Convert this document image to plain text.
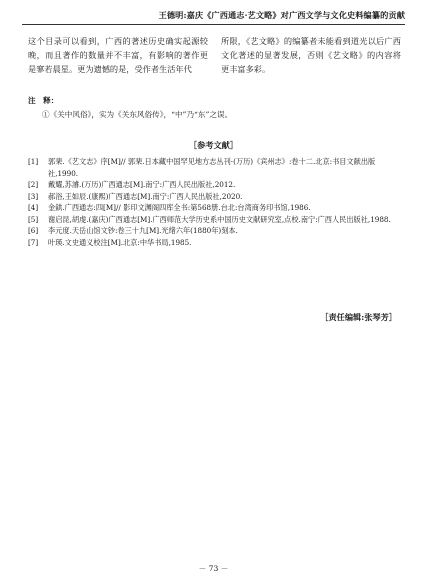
王德明:嘉庆《广西通志·艺文略》对广西文学与文化史料编纂的贡献

这个目录可以看到，广西的著述历史确实起源较晚，而且著作的数量并不丰富，有影响的著作更是寥若晨星。更为遗憾的是，受作者生活年代

所限，《艺文略》的编纂者未能看到道光以后广西文化著述的显著发展，否则《艺文略》的内容将更丰富多彩。

注　释：
①《关中风俗》，实为《关东风俗传》，“中”乃“东”之误。
［参考文献］
[1] 郭棐.《艺文志》序[M]// 郭棐.日本藏中国罕见地方志丛刊·(万历)《宾州志》:卷十二.北京:书目文献出版社,1990.
[2] 戴耀,苏濬.(万历)广西通志[M].南宁:广西人民出版社,2012.
[3] 郝浴,王如辰.(康熙)广西通志[M].南宁:广西人民出版社,2020.
[4] 金鉷.广西通志:四[M]// 影印文渊阁四库全书:第568册.台北:台湾商务印书馆,1986.
[5] 谢启昆,胡虔.(嘉庆)广西通志[M].广西师范大学历史系中国历史文献研究室,点校.南宁:广西人民出版社,1988.
[6] 李元度.天岳山馆文钞:卷三十九[M].光绪六年(1880年)刻本.
[7] 叶瑛.文史通义校注[M].北京:中华书局,1985.
［责任编辑:张琴芳］
－ 73 －
